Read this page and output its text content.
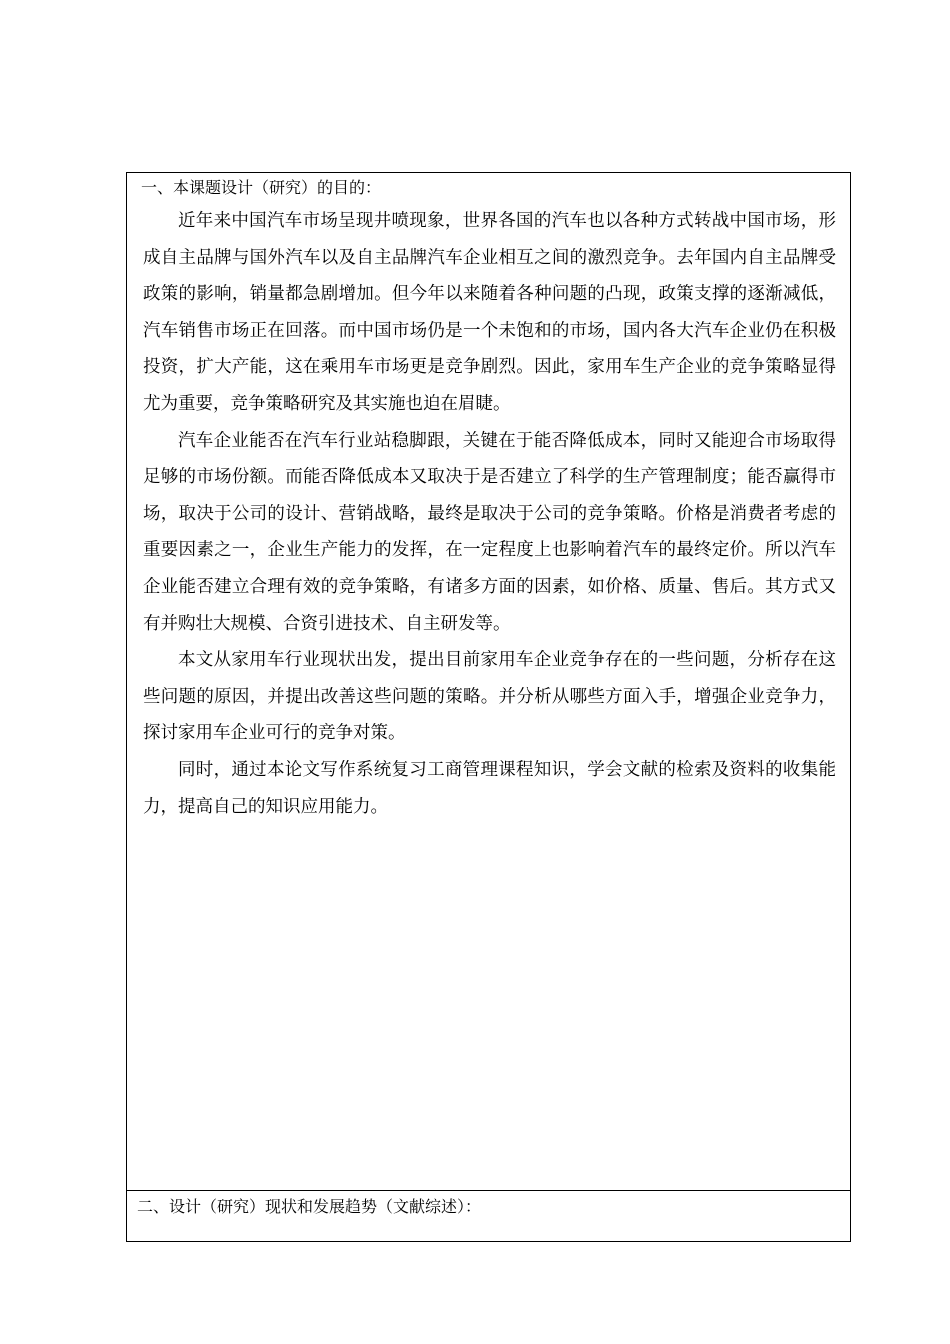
一、本课题设计（研究）的目的：

近年来中国汽车市场呈现井喷现象，世界各国的汽车也以各种方式转战中国市场，形成自主品牌与国外汽车以及自主品牌汽车企业相互之间的激烈竞争。去年国内自主品牌受政策的影响，销量都急剧增加。但今年以来随着各种问题的凸现，政策支撑的逐渐减低，汽车销售市场正在回落。而中国市场仍是一个未饱和的市场，国内各大汽车企业仍在积极投资，扩大产能，这在乘用车市场更是竞争剧烈。因此，家用车生产企业的竞争策略显得尤为重要，竞争策略研究及其实施也迫在眉睫。

汽车企业能否在汽车行业站稳脚跟，关键在于能否降低成本，同时又能迎合市场取得足够的市场份额。而能否降低成本又取决于是否建立了科学的生产管理制度；能否赢得市场，取决于公司的设计、营销战略，最终是取决于公司的竞争策略。价格是消费者考虑的重要因素之一，企业生产能力的发挥，在一定程度上也影响着汽车的最终定价。所以汽车企业能否建立合理有效的竞争策略，有诸多方面的因素，如价格、质量、售后。其方式又有并购壮大规模、合资引进技术、自主研发等。

本文从家用车行业现状出发，提出目前家用车企业竞争存在的一些问题，分析存在这些问题的原因，并提出改善这些问题的策略。并分析从哪些方面入手，增强企业竞争力，探讨家用车企业可行的竞争对策。

同时，通过本论文写作系统复习工商管理课程知识，学会文献的检索及资料的收集能力，提高自己的知识应用能力。

二、设计（研究）现状和发展趋势（文献综述）：
